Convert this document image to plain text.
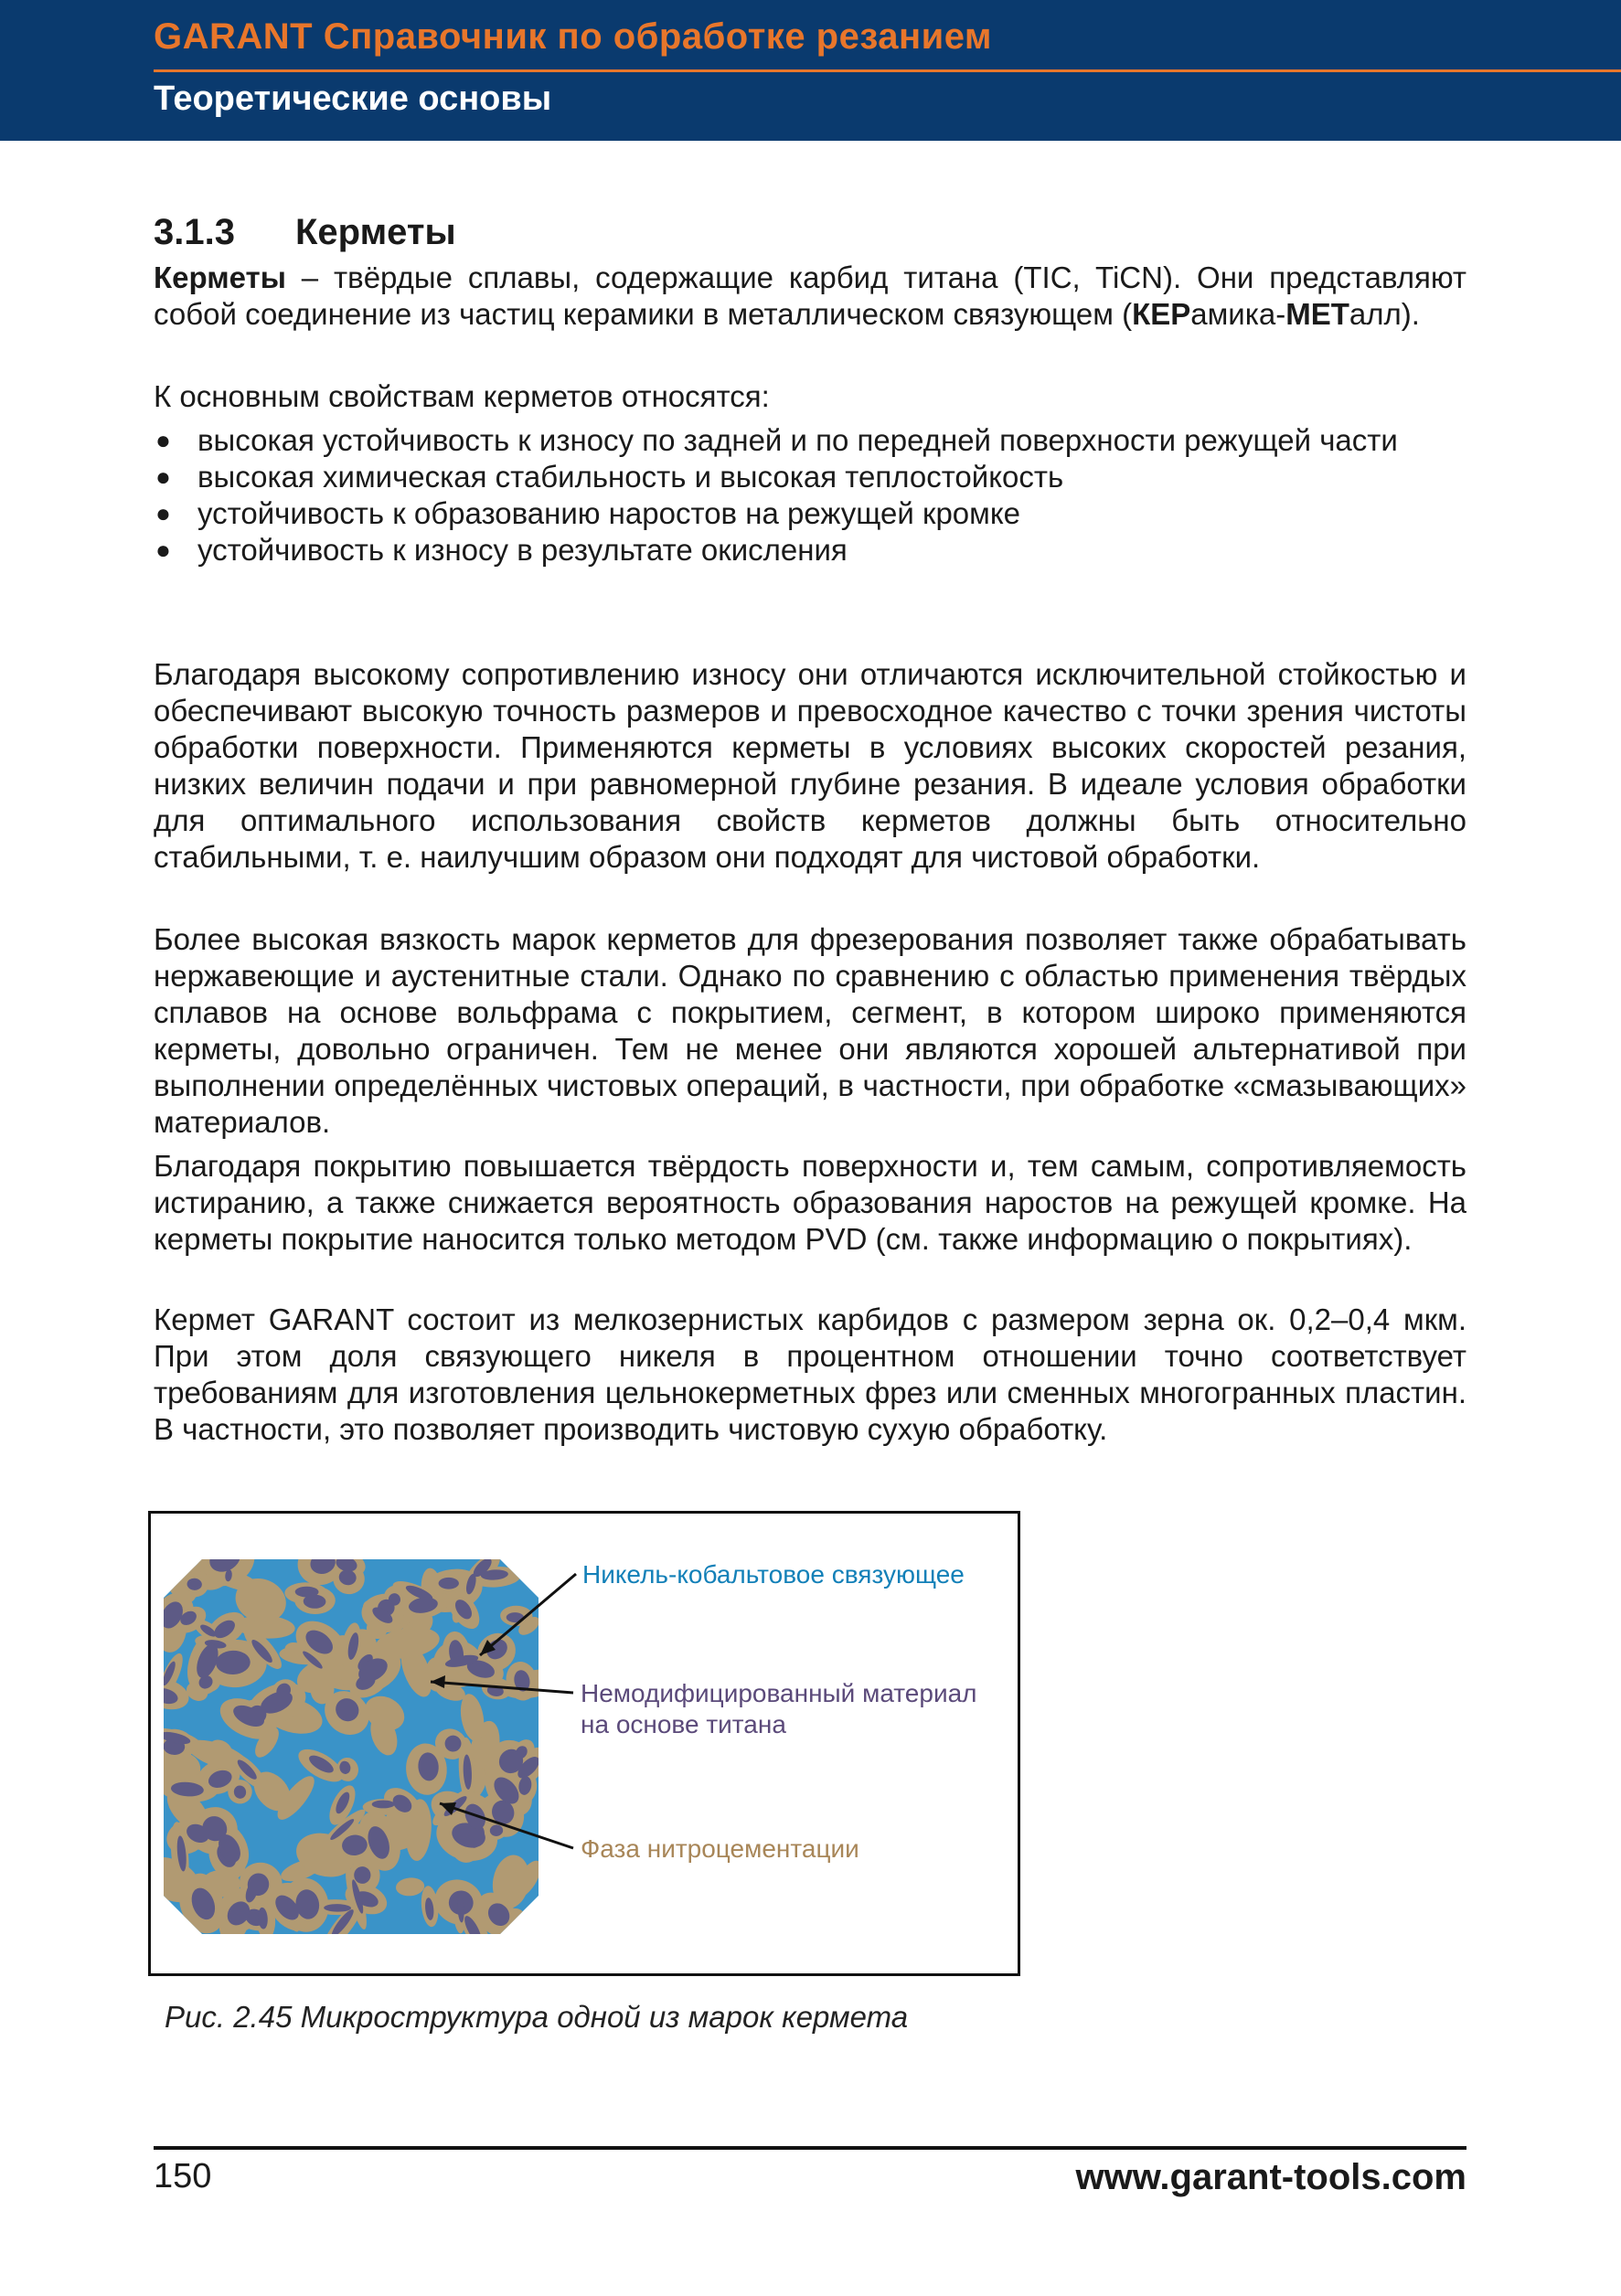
GARANT Справочник по обработке резанием
Теоретические основы
3.1.3 Керметы
Керметы – твёрдые сплавы, содержащие карбид титана (TIC, TiCN). Они представляют собой соединение из частиц керамики в металлическом связующем (КЕРамика-МЕТалл).
К основным свойствам керметов относятся:
● высокая устойчивость к износу по задней и по передней поверхности режущей части
● высокая химическая стабильность и высокая теплостойкость
● устойчивость к образованию наростов на режущей кромке
● устойчивость к износу в результате окисления
Благодаря высокому сопротивлению износу они отличаются исключительной стойкостью и обеспечивают высокую точность размеров и превосходное качество с точки зрения чистоты обработки поверхности. Применяются керметы в условиях высоких скоростей резания, низких величин подачи и при равномерной глубине резания. В идеале условия обработки для оптимального использования свойств керметов должны быть относительно стабильными, т. е. наилучшим образом они подходят для чистовой обработки.
Более высокая вязкость марок керметов для фрезерования позволяет также обрабатывать нержавеющие и аустенитные стали. Однако по сравнению с областью применения твёрдых сплавов на основе вольфрама с покрытием, сегмент, в котором широко применяются керметы, довольно ограничен. Тем не менее они являются хорошей альтернативой при выполнении определённых чистовых операций, в частности, при обработке «смазывающих» материалов.
Благодаря покрытию повышается твёрдость поверхности и, тем самым, сопротивляемость истиранию, а также снижается вероятность образования наростов на режущей кромке. На керметы покрытие наносится только методом PVD (см. также информацию о покрытиях).
Кермет GARANT состоит из мелкозернистых карбидов с размером зерна ок. 0,2–0,4 мкм. При этом доля связующего никеля в процентном отношении точно соответствует требованиям для изготовления цельнокерметных фрез или сменных многогранных пластин. В частности, это позволяет производить чистовую сухую обработку.
Никель-кобальтовое связующее
Немодифицированный материал
на основе титана
Фаза нитроцементации
Рис. 2.45 Микроструктура одной из марок кермета
150	www.garant-tools.com
